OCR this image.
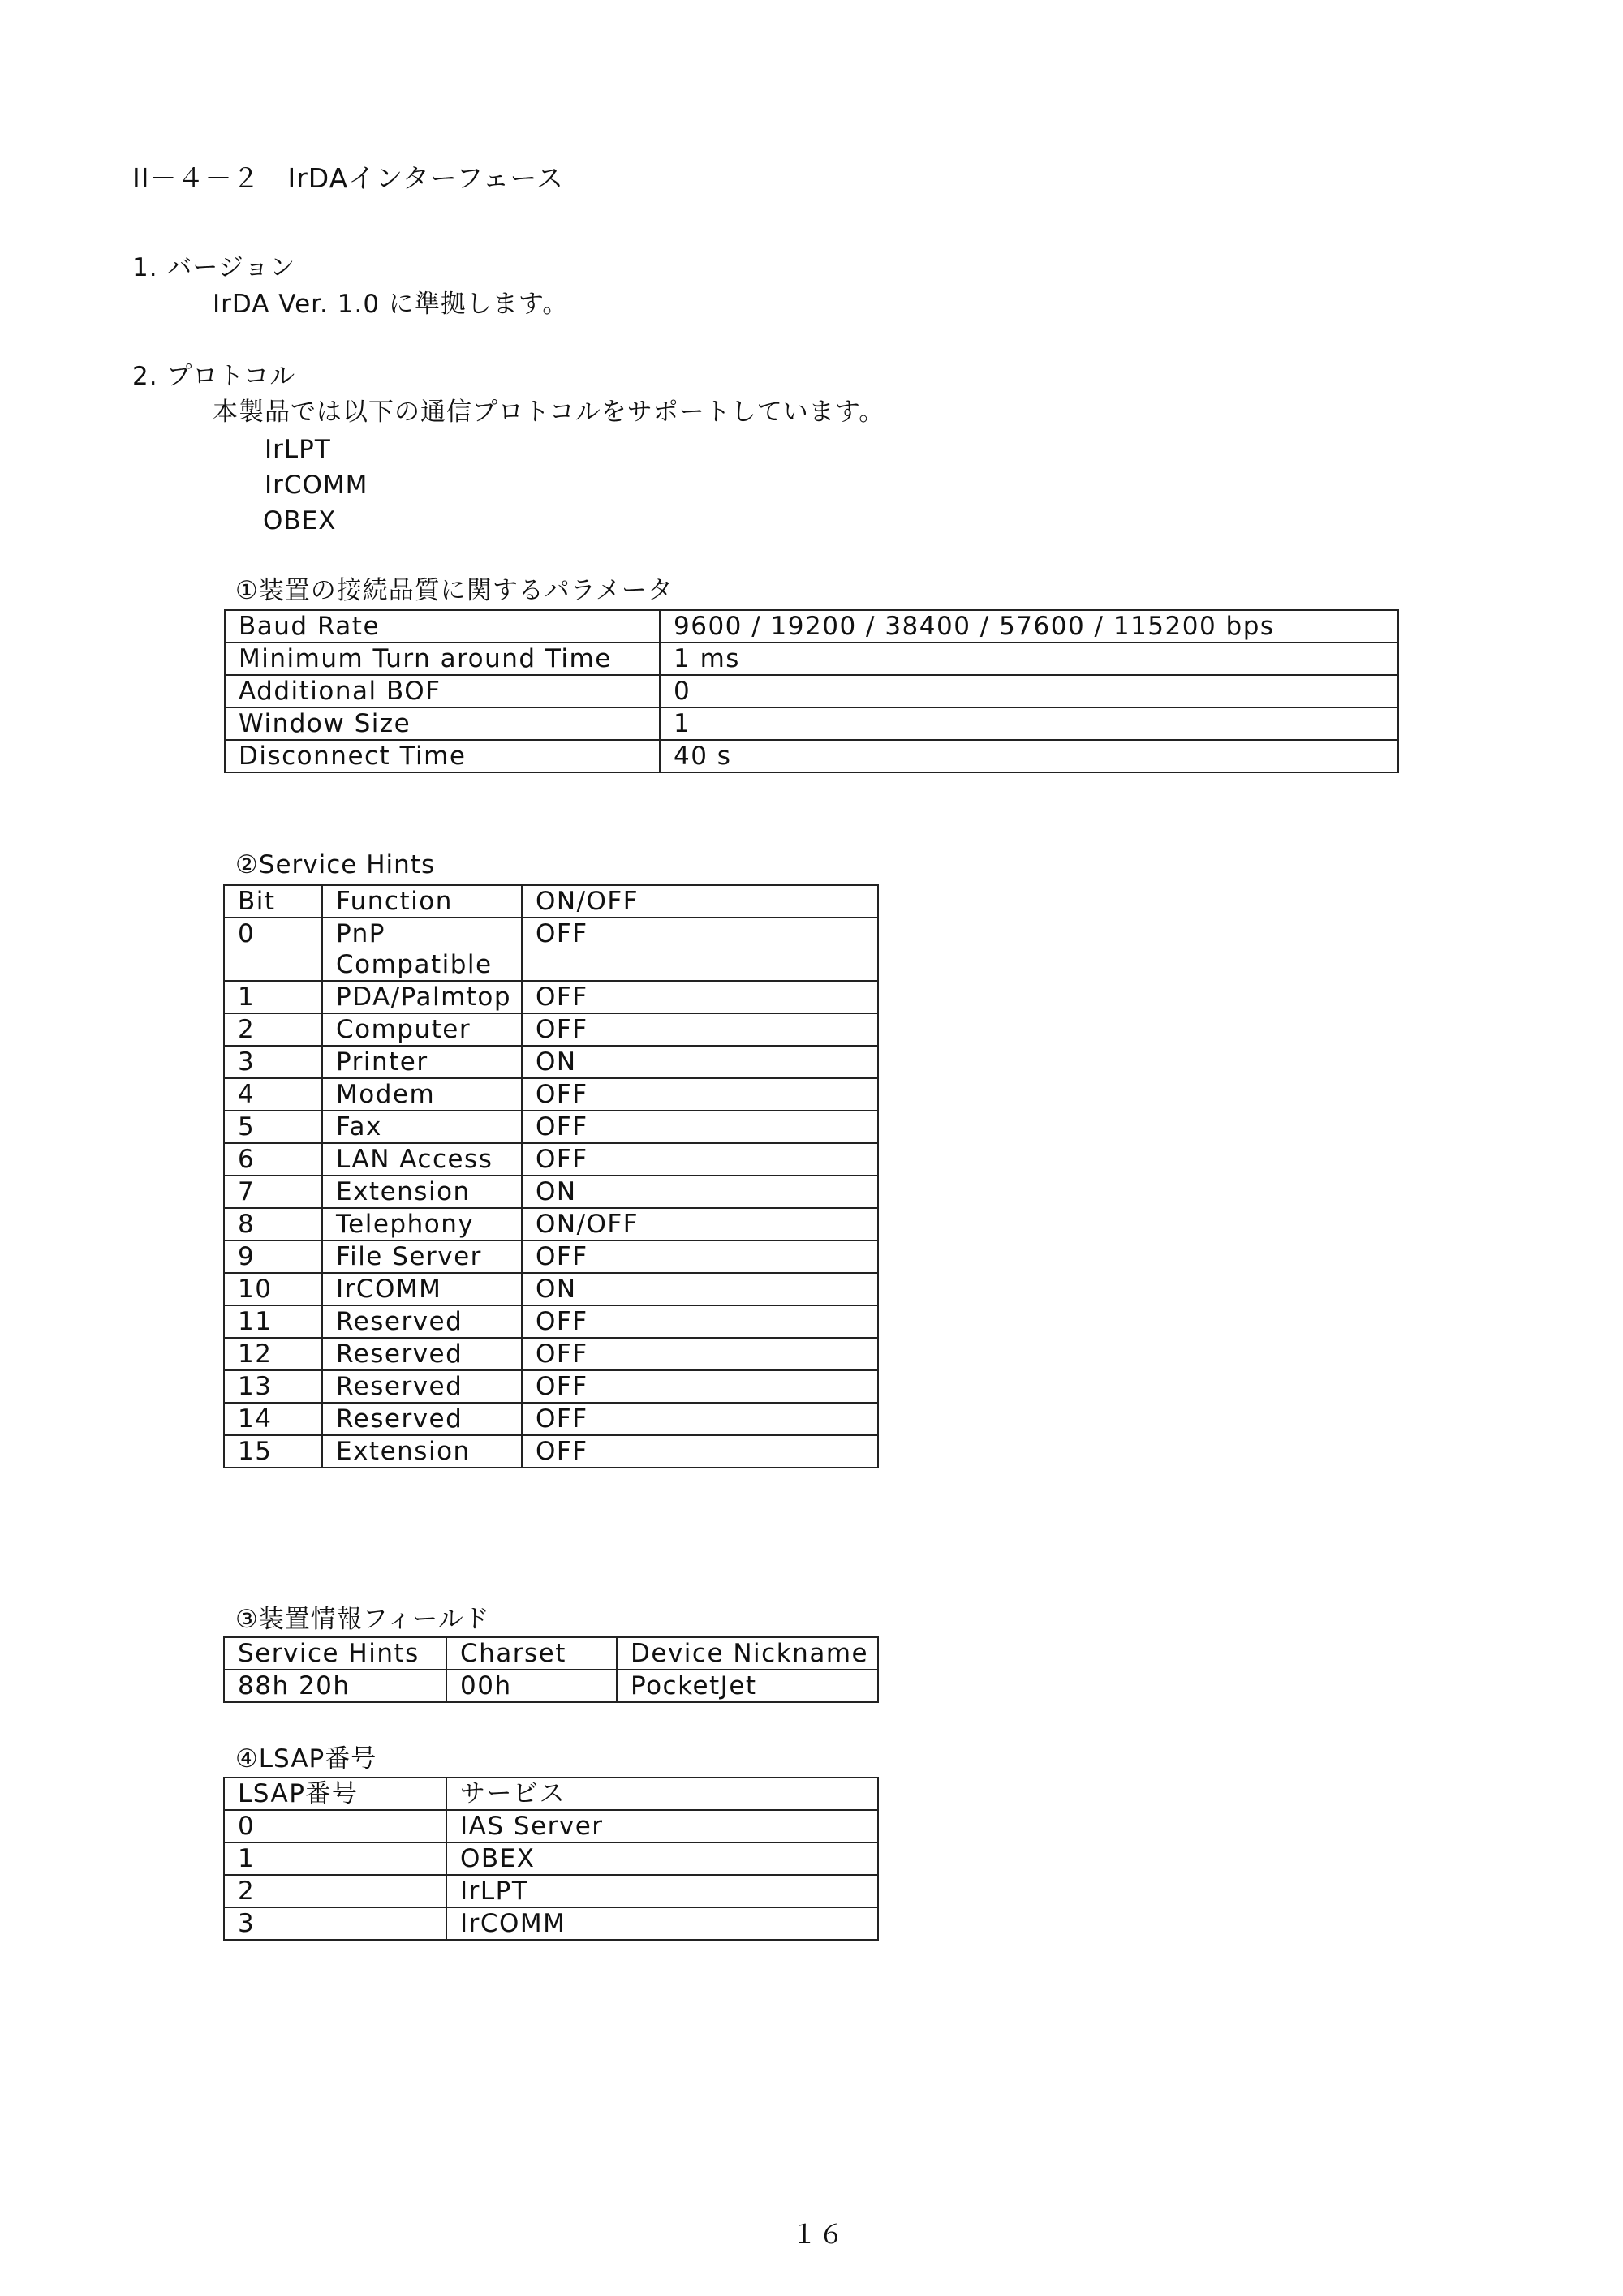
II－４－２　IrDAインターフェース
1. バージョン
IrDA Ver. 1.0 に準拠します。
2. プロトコル
本製品では以下の通信プロトコルをサポートしています。
IrLPT
IrCOMM
OBEX
①装置の接続品質に関するパラメータ
Baud Rate	9600 / 19200 / 38400 / 57600 / 115200 bps
Minimum Turn around Time	1 ms
Additional BOF	0
Window Size	1
Disconnect Time	40 s
②Service Hints
Bit	Function	ON/OFF
0	PnP Compatible	OFF
1	PDA/Palmtop	OFF
2	Computer	OFF
3	Printer	ON
4	Modem	OFF
5	Fax	OFF
6	LAN Access	OFF
7	Extension	ON
8	Telephony	ON/OFF
9	File Server	OFF
10	IrCOMM	ON
11	Reserved	OFF
12	Reserved	OFF
13	Reserved	OFF
14	Reserved	OFF
15	Extension	OFF
③装置情報フィールド
Service Hints	Charset	Device Nickname
88h 20h	00h	PocketJet
④LSAP番号
LSAP番号	サービス
0	IAS Server
1	OBEX
2	IrLPT
3	IrCOMM
１６
